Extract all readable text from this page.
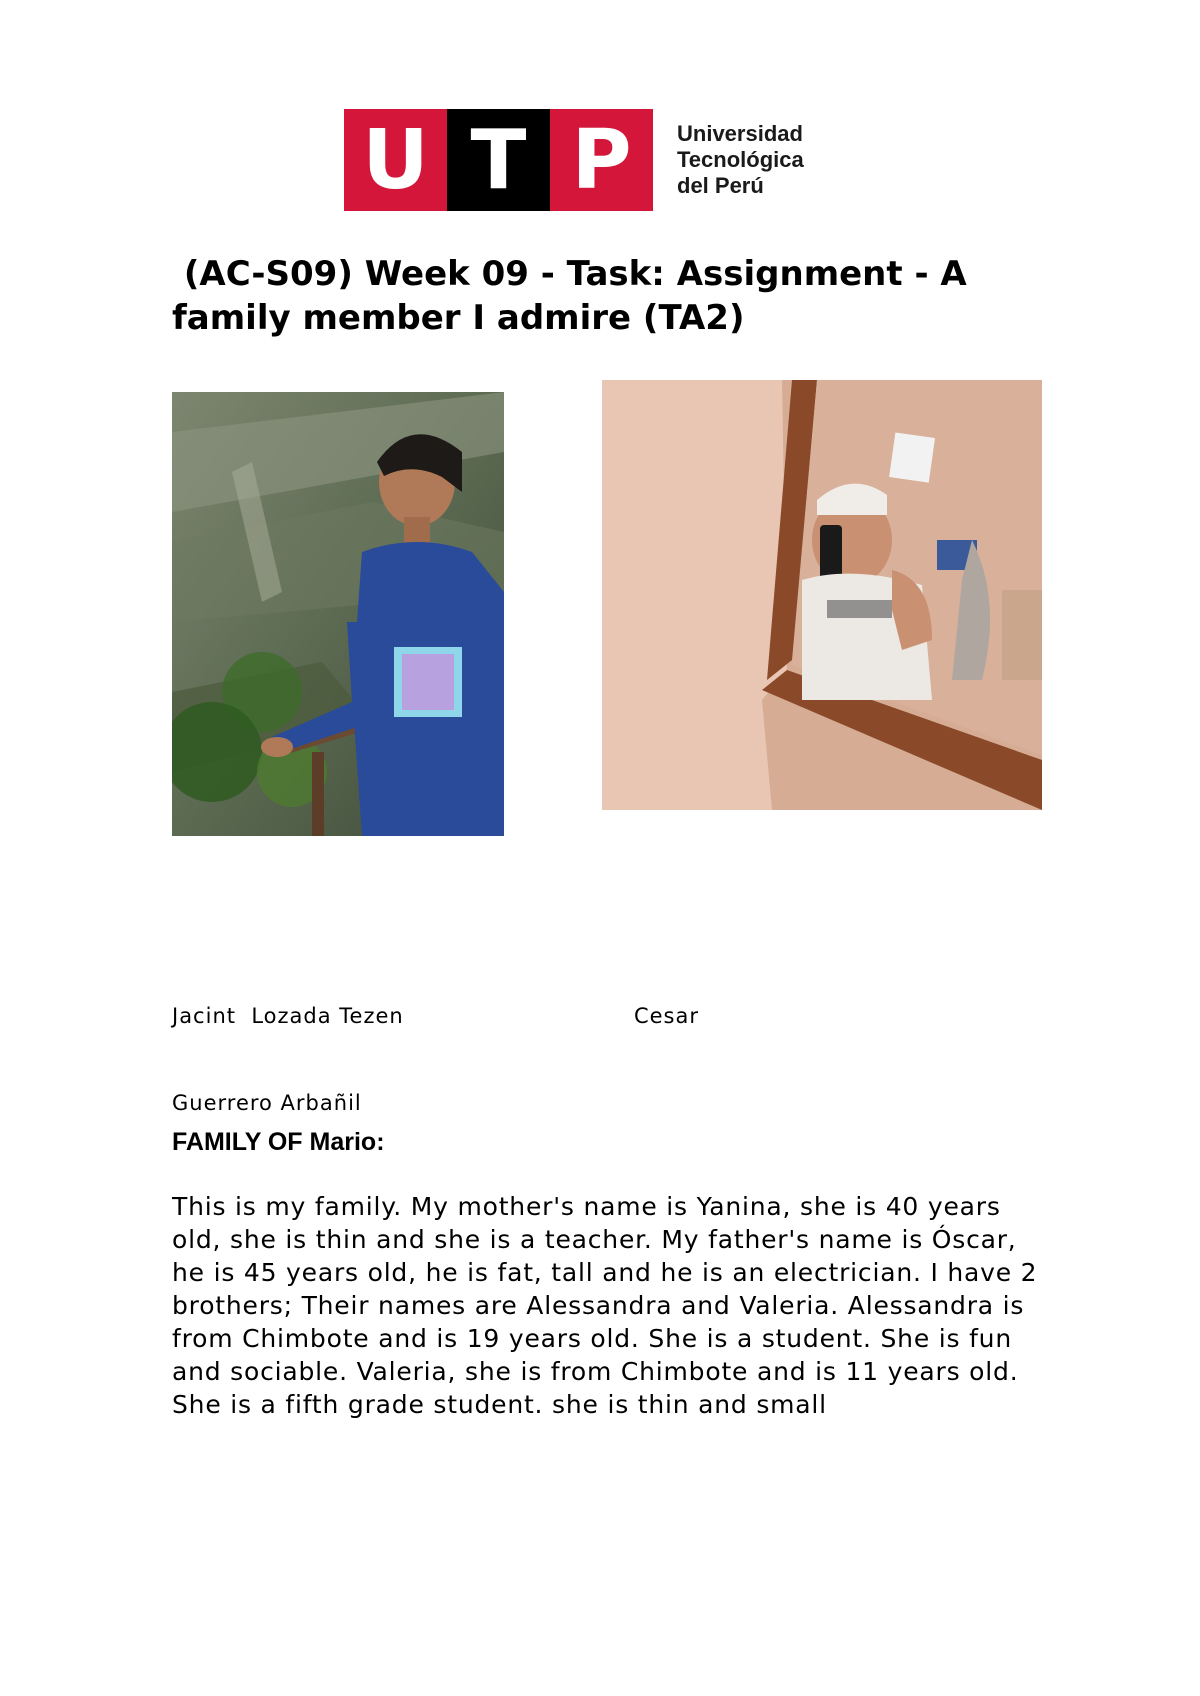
U T P	Universidad
Tecnológica
del Perú
(AC-S09) Week 09 - Task: Assignment - A family member I admire (TA2)

Jacint  Lozada Tezen                              Cesar

Guerrero Arbañil

FAMILY OF Mario:

This is my family. My mother's name is Yanina, she is 40 years old, she is thin and she is a teacher. My father's name is Óscar, he is 45 years old, he is fat, tall and he is an electrician. I have 2 brothers; Their names are Alessandra and Valeria. Alessandra is from Chimbote and is 19 years old. She is a student. She is fun and sociable. Valeria, she is from Chimbote and is 11 years old. She is a fifth grade student. she is thin and small
